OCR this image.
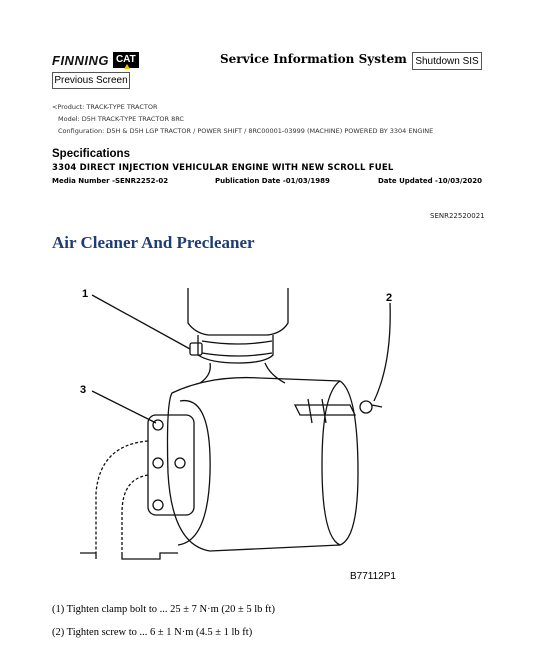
FINNING CAT	Service Information System Shutdown SIS
Previous Screen
<Product: TRACK-TYPE TRACTOR
Model: D5H TRACK-TYPE TRACTOR 8RC
Configuration: D5H & D5H LGP TRACTOR / POWER SHIFT / 8RC00001-03999 (MACHINE) POWERED BY 3304 ENGINE
Specifications
3304 DIRECT INJECTION VEHICULAR ENGINE WITH NEW SCROLL FUEL
Media Number -SENR2252-02	Publication Date -01/03/1989	Date Updated -10/03/2020
SENR22520021
Air Cleaner And Precleaner
1	2
3
B77112P1
(1) Tighten clamp bolt to ... 25 ± 7 N·m (20 ± 5 lb ft)
(2) Tighten screw to ... 6 ± 1 N·m (4.5 ± 1 lb ft)
